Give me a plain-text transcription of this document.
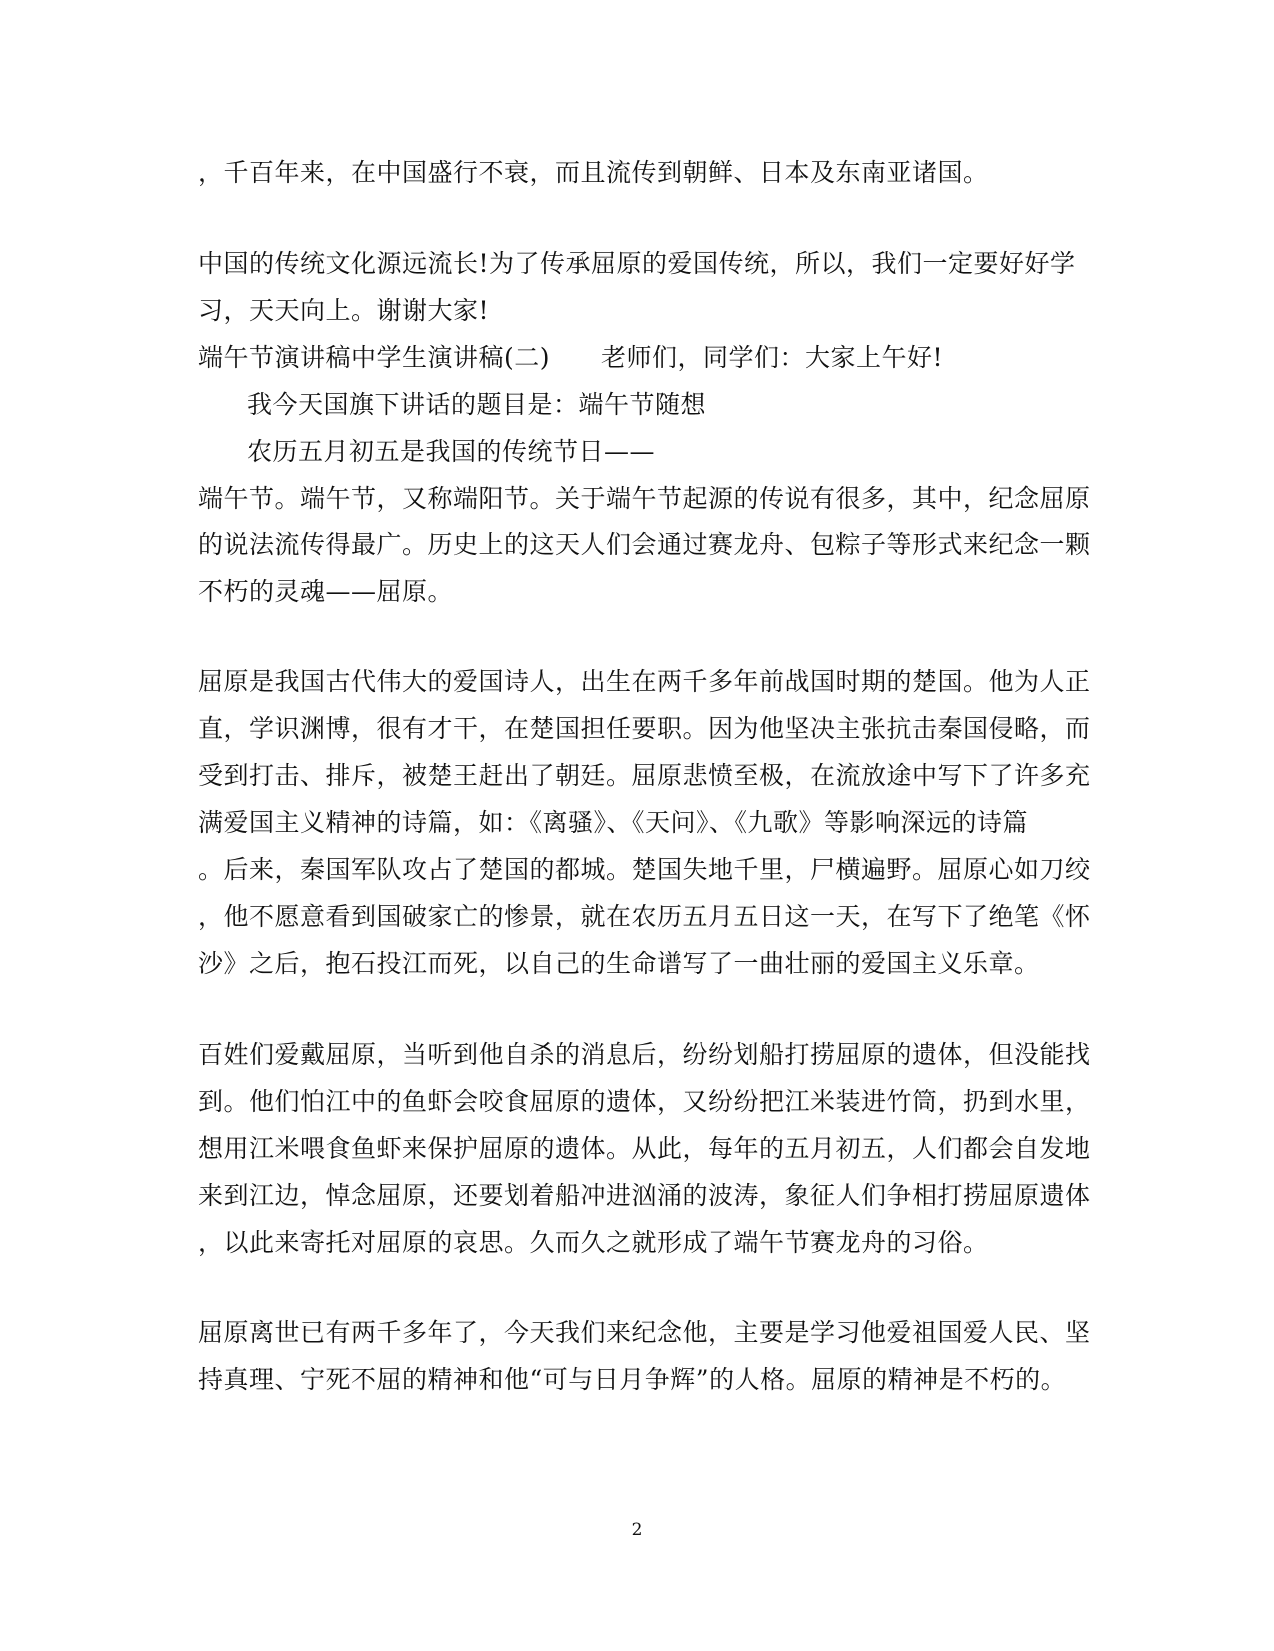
，千百年来，在中国盛行不衰，而且流传到朝鲜、日本及东南亚诸国。
中国的传统文化源远流长!为了传承屈原的爱国传统，所以，我们一定要好好学
习，天天向上。谢谢大家!
端午节演讲稿中学生演讲稿(二)　　老师们，同学们：大家上午好!
我今天国旗下讲话的题目是：端午节随想
农历五月初五是我国的传统节日——
端午节。端午节，又称端阳节。关于端午节起源的传说有很多，其中，纪念屈原
的说法流传得最广。历史上的这天人们会通过赛龙舟、包粽子等形式来纪念一颗
不朽的灵魂——屈原。
屈原是我国古代伟大的爱国诗人，出生在两千多年前战国时期的楚国。他为人正
直，学识渊博，很有才干，在楚国担任要职。因为他坚决主张抗击秦国侵略，而
受到打击、排斥，被楚王赶出了朝廷。屈原悲愤至极，在流放途中写下了许多充
满爱国主义精神的诗篇，如：《离骚》、《天问》、《九歌》等影响深远的诗篇
。后来，秦国军队攻占了楚国的都城。楚国失地千里，尸横遍野。屈原心如刀绞
，他不愿意看到国破家亡的惨景，就在农历五月五日这一天，在写下了绝笔《怀
沙》之后，抱石投江而死，以自己的生命谱写了一曲壮丽的爱国主义乐章。
百姓们爱戴屈原，当听到他自杀的消息后，纷纷划船打捞屈原的遗体，但没能找
到。他们怕江中的鱼虾会咬食屈原的遗体，又纷纷把江米装进竹筒，扔到水里，
想用江米喂食鱼虾来保护屈原的遗体。从此，每年的五月初五，人们都会自发地
来到江边，悼念屈原，还要划着船冲进汹涌的波涛，象征人们争相打捞屈原遗体
，以此来寄托对屈原的哀思。久而久之就形成了端午节赛龙舟的习俗。
屈原离世已有两千多年了，今天我们来纪念他，主要是学习他爱祖国爱人民、坚
持真理、宁死不屈的精神和他“可与日月争辉”的人格。屈原的精神是不朽的。
2
